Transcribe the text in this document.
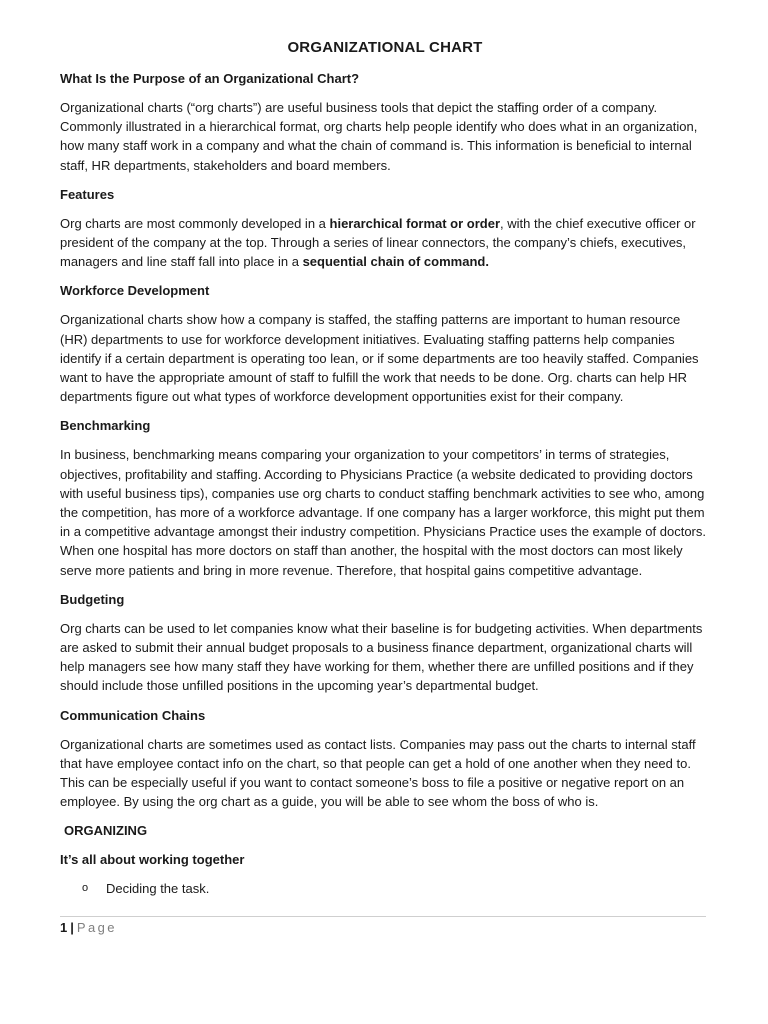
ORGANIZATIONAL CHART
What Is the Purpose of an Organizational Chart?

Organizational charts (“org charts”) are useful business tools that depict the staffing order of a company. Commonly illustrated in a hierarchical format, org charts help people identify who does what in an organization, how many staff work in a company and what the chain of command is. This information is beneficial to internal staff, HR departments, stakeholders and board members.

Features

Org charts are most commonly developed in a hierarchical format or order, with the chief executive officer or president of the company at the top. Through a series of linear connectors, the company’s chiefs, executives, managers and line staff fall into place in a sequential chain of command.

Workforce Development

Organizational charts show how a company is staffed, the staffing patterns are important to human resource (HR) departments to use for workforce development initiatives. Evaluating staffing patterns help companies identify if a certain department is operating too lean, or if some departments are too heavily staffed. Companies want to have the appropriate amount of staff to fulfill the work that needs to be done. Org. charts can help HR departments figure out what types of workforce development opportunities exist for their company.

Benchmarking

In business, benchmarking means comparing your organization to your competitors’ in terms of strategies, objectives, profitability and staffing. According to Physicians Practice (a website dedicated to providing doctors with useful business tips), companies use org charts to conduct staffing benchmark activities to see who, among the competition, has more of a workforce advantage. If one company has a larger workforce, this might put them in a competitive advantage amongst their industry competition. Physicians Practice uses the example of doctors. When one hospital has more doctors on staff than another, the hospital with the most doctors can most likely serve more patients and bring in more revenue. Therefore, that hospital gains competitive advantage.

Budgeting

Org charts can be used to let companies know what their baseline is for budgeting activities. When departments are asked to submit their annual budget proposals to a business finance department, organizational charts will help managers see how many staff they have working for them, whether there are unfilled positions and if they should include those unfilled positions in the upcoming year’s departmental budget.

Communication Chains

Organizational charts are sometimes used as contact lists. Companies may pass out the charts to internal staff that have employee contact info on the chart, so that people can get a hold of one another when they need to. This can be especially useful if you want to contact someone’s boss to file a positive or negative report on an employee. By using the org chart as a guide, you will be able to see whom the boss of who is.

ORGANIZING
It’s all about working together
o Deciding the task.
1 | Page
